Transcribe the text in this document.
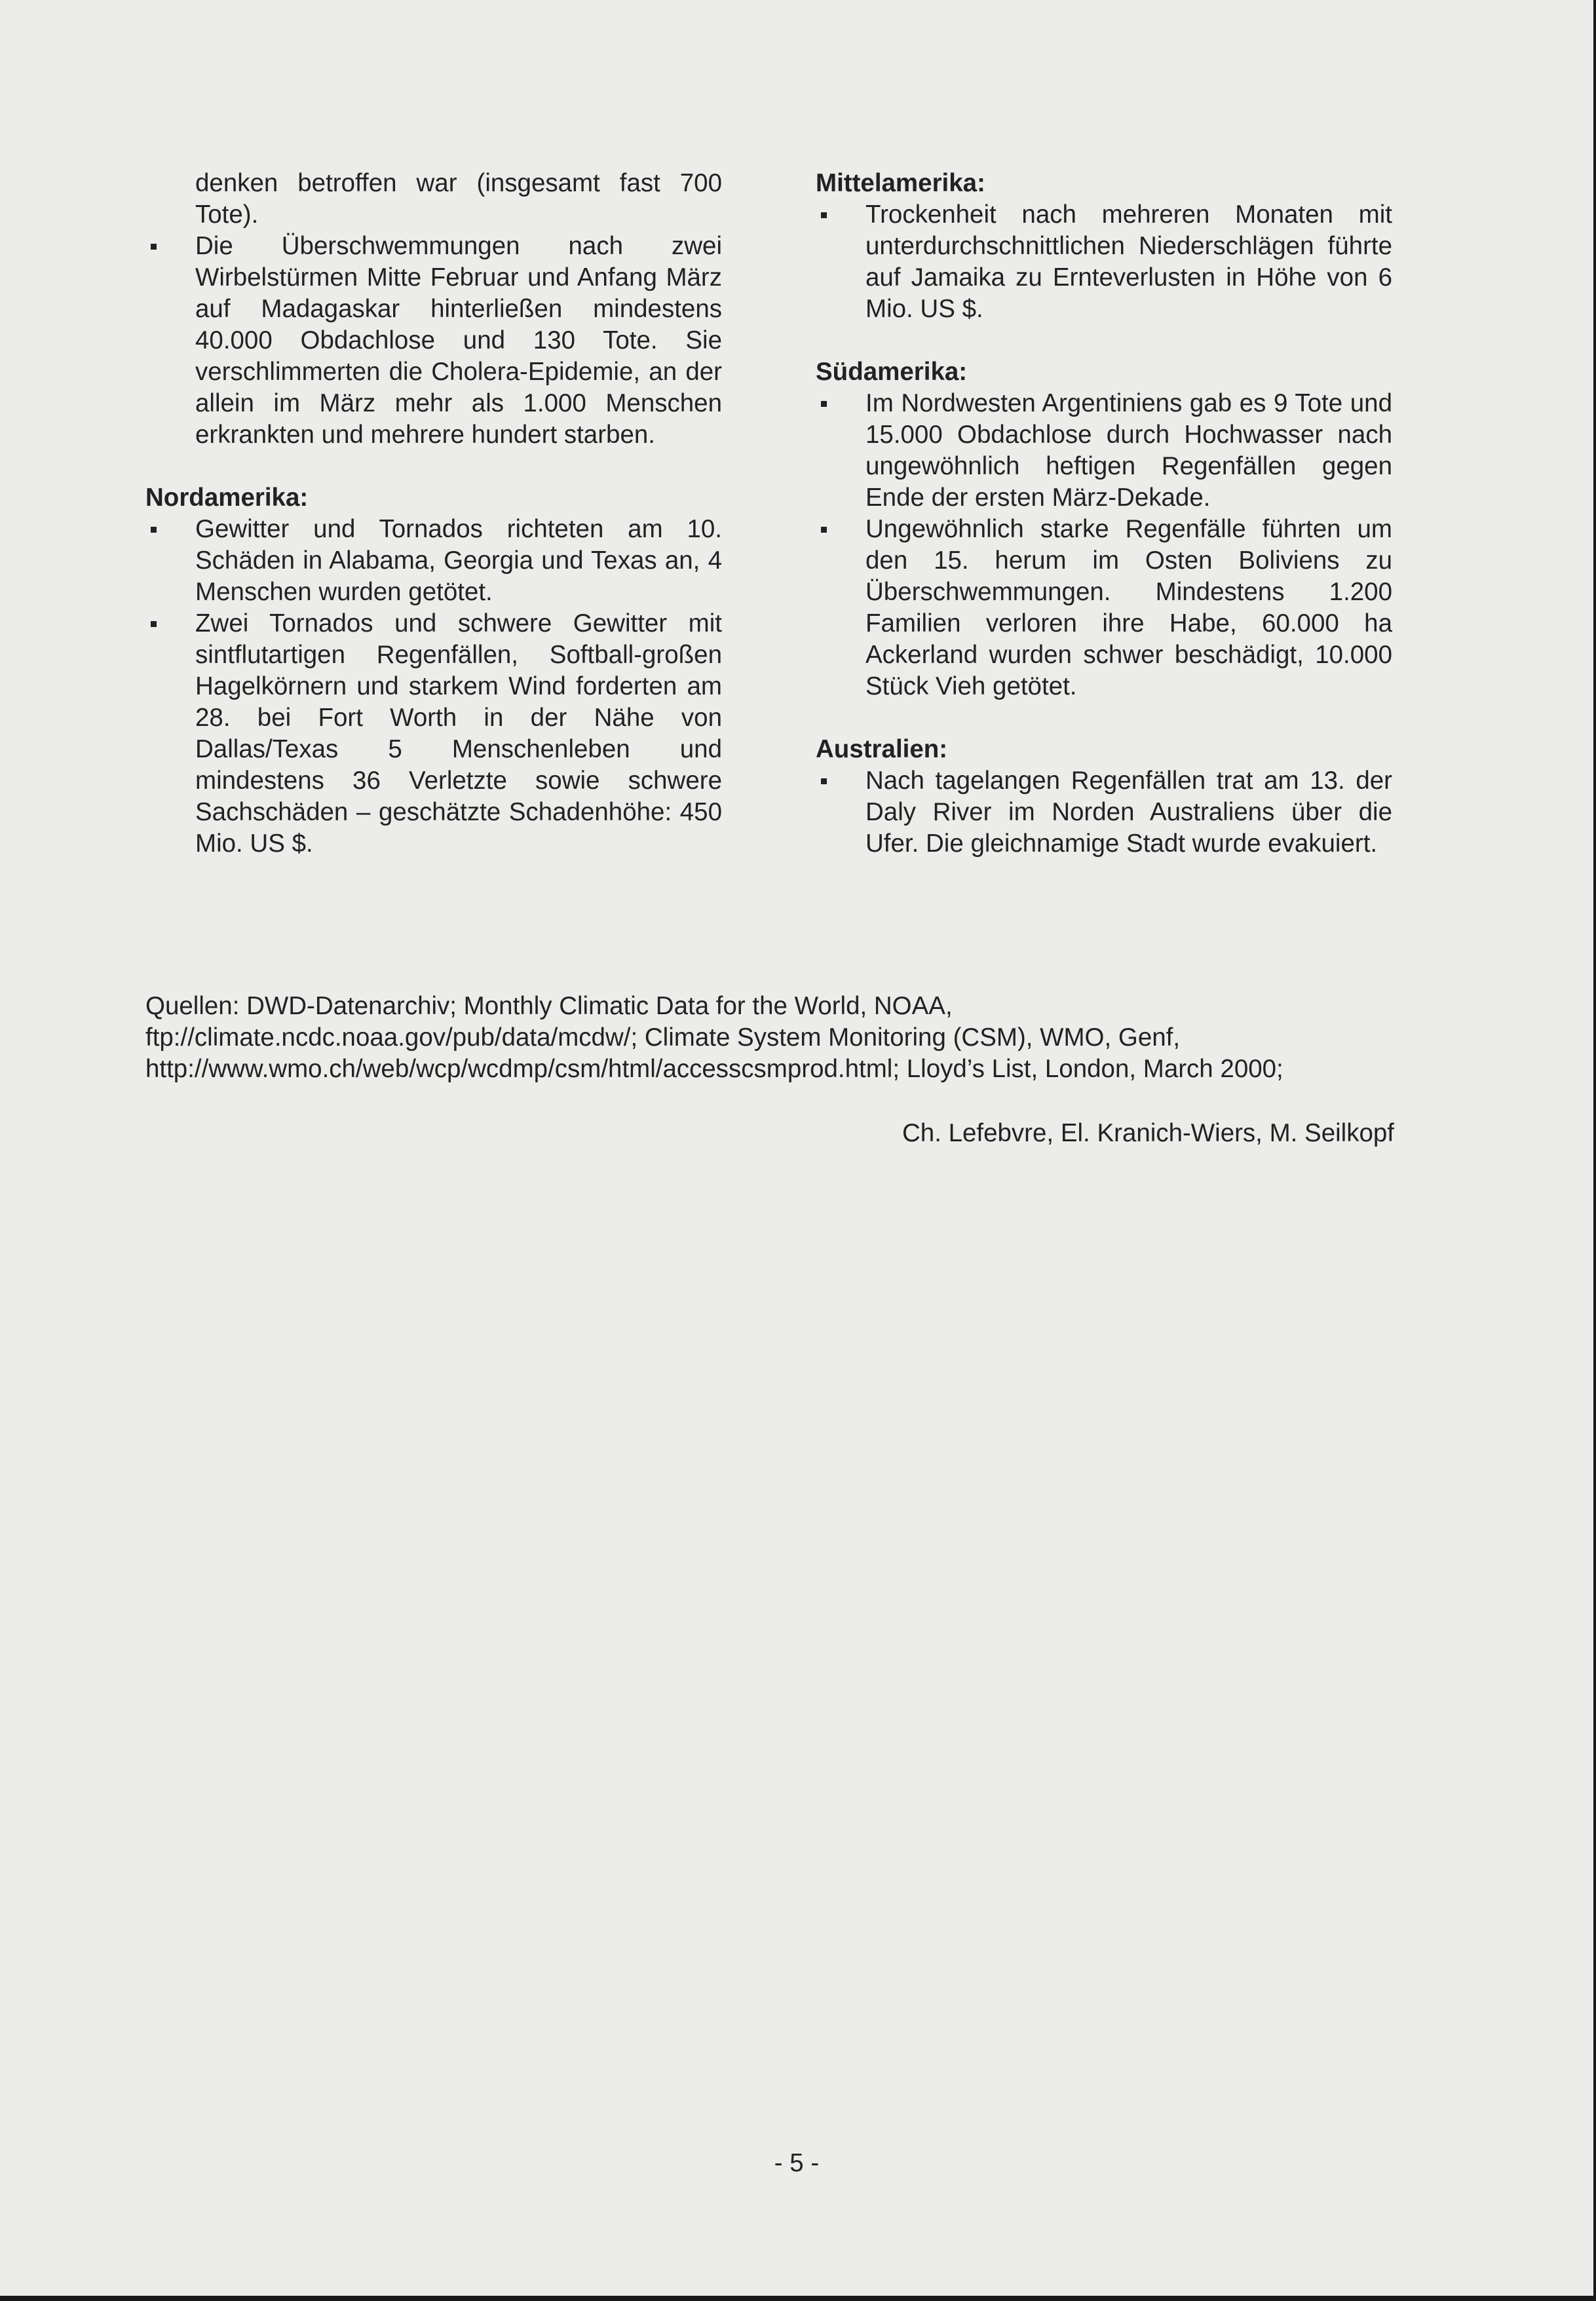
denken betroffen war (insgesamt fast 700 Tote).
Die Überschwemmungen nach zwei Wirbelstürmen Mitte Februar und Anfang März auf Madagaskar hinterließen mindestens 40.000 Obdachlose und 130 Tote. Sie verschlimmerten die Cholera-Epidemie, an der allein im März mehr als 1.000 Menschen erkrankten und mehrere hundert starben.
Nordamerika:
Gewitter und Tornados richteten am 10. Schäden in Alabama, Georgia und Texas an, 4 Menschen wurden getötet.
Zwei Tornados und schwere Gewitter mit sintflutartigen Regenfällen, Softball-großen Hagelkörnern und starkem Wind forderten am 28. bei Fort Worth in der Nähe von Dallas/Texas 5 Menschenleben und mindestens 36 Verletzte sowie schwere Sachschäden – geschätzte Schadenhöhe: 450 Mio. US $.
Mittelamerika:
Trockenheit nach mehreren Monaten mit unterdurchschnittlichen Niederschlägen führte auf Jamaika zu Ernteverlusten in Höhe von 6 Mio. US $.
Südamerika:
Im Nordwesten Argentiniens gab es 9 Tote und 15.000 Obdachlose durch Hochwasser nach ungewöhnlich heftigen Regenfällen gegen Ende der ersten März-Dekade.
Ungewöhnlich starke Regenfälle führten um den 15. herum im Osten Boliviens zu Überschwemmungen. Mindestens 1.200 Familien verloren ihre Habe, 60.000 ha Ackerland wurden schwer beschädigt, 10.000 Stück Vieh getötet.
Australien:
Nach tagelangen Regenfällen trat am 13. der Daly River im Norden Australiens über die Ufer. Die gleichnamige Stadt wurde evakuiert.
Quellen: DWD-Datenarchiv; Monthly Climatic Data for the World, NOAA,
ftp://climate.ncdc.noaa.gov/pub/data/mcdw/; Climate System Monitoring (CSM), WMO, Genf,
http://www.wmo.ch/web/wcp/wcdmp/csm/html/accesscsmprod.html; Lloyd’s List, London, March 2000;
Ch. Lefebvre, El. Kranich-Wiers, M. Seilkopf
- 5 -
